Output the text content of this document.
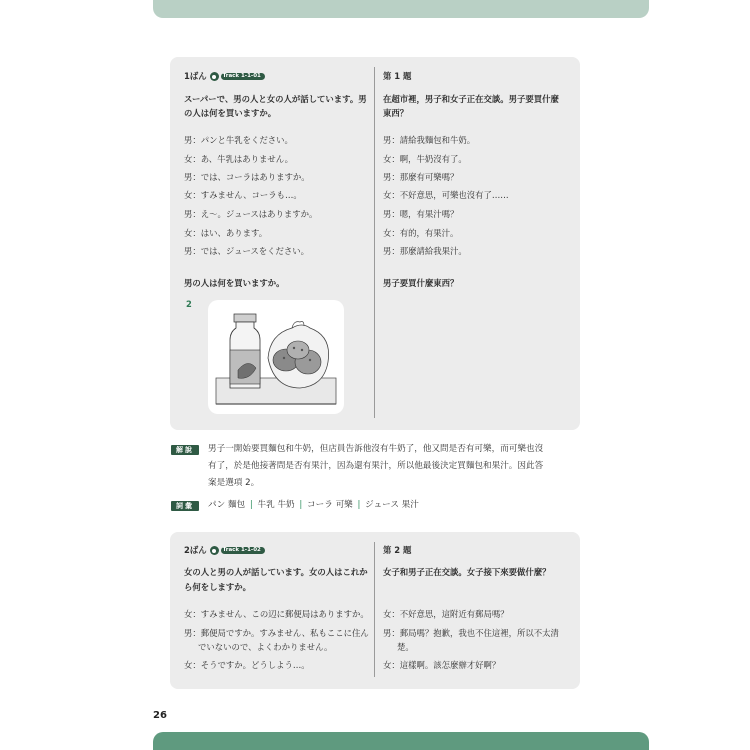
1ばん	Track 1-1-01
スーパーで、男の人と女の人が話しています。男
の人は何を買いますか。
男：パンと牛乳をください。
女：あ、牛乳はありません。
男：では、コーラはありますか。
女：すみません、コーラも…。
男：え～。ジュースはありますか。
女：はい、あります。
男：では、ジュースをください。
男の人は何を買いますか。
2
第 1 題
在超市裡，男子和女子正在交談。男子要買什麼
東西？
男：請給我麵包和牛奶。
女：啊，牛奶沒有了。
男：那麼有可樂嗎？
女：不好意思，可樂也沒有了……
男：嗯，有果汁嗎？
女：有的，有果汁。
男：那麼請給我果汁。
男子要買什麼東西？
解說	男子一開始要買麵包和牛奶，但店員告訴他沒有牛奶了，他又問是否有可樂，而可樂也沒
有了，於是他接著問是否有果汁，因為還有果汁，所以他最後決定買麵包和果汁。因此答
案是選項 2。
詞彙	パン 麵包 | 牛乳 牛奶 | コーラ 可樂 | ジュース 果汁
2ばん	Track 1-1-02
女の人と男の人が話しています。女の人はこれか
ら何をしますか。
女：すみません、この辺に郵便局はありますか。
男：郵便局ですか。すみません、私もここに住ん
でいないので、よくわかりません。
女：そうですか。どうしよう…。
第 2 題
女子和男子正在交談。女子接下來要做什麼？
女：不好意思，這附近有郵局嗎？
男：郵局嗎？抱歉，我也不住這裡，所以不太清
楚。
女：這樣啊。該怎麼辦才好啊？
26
